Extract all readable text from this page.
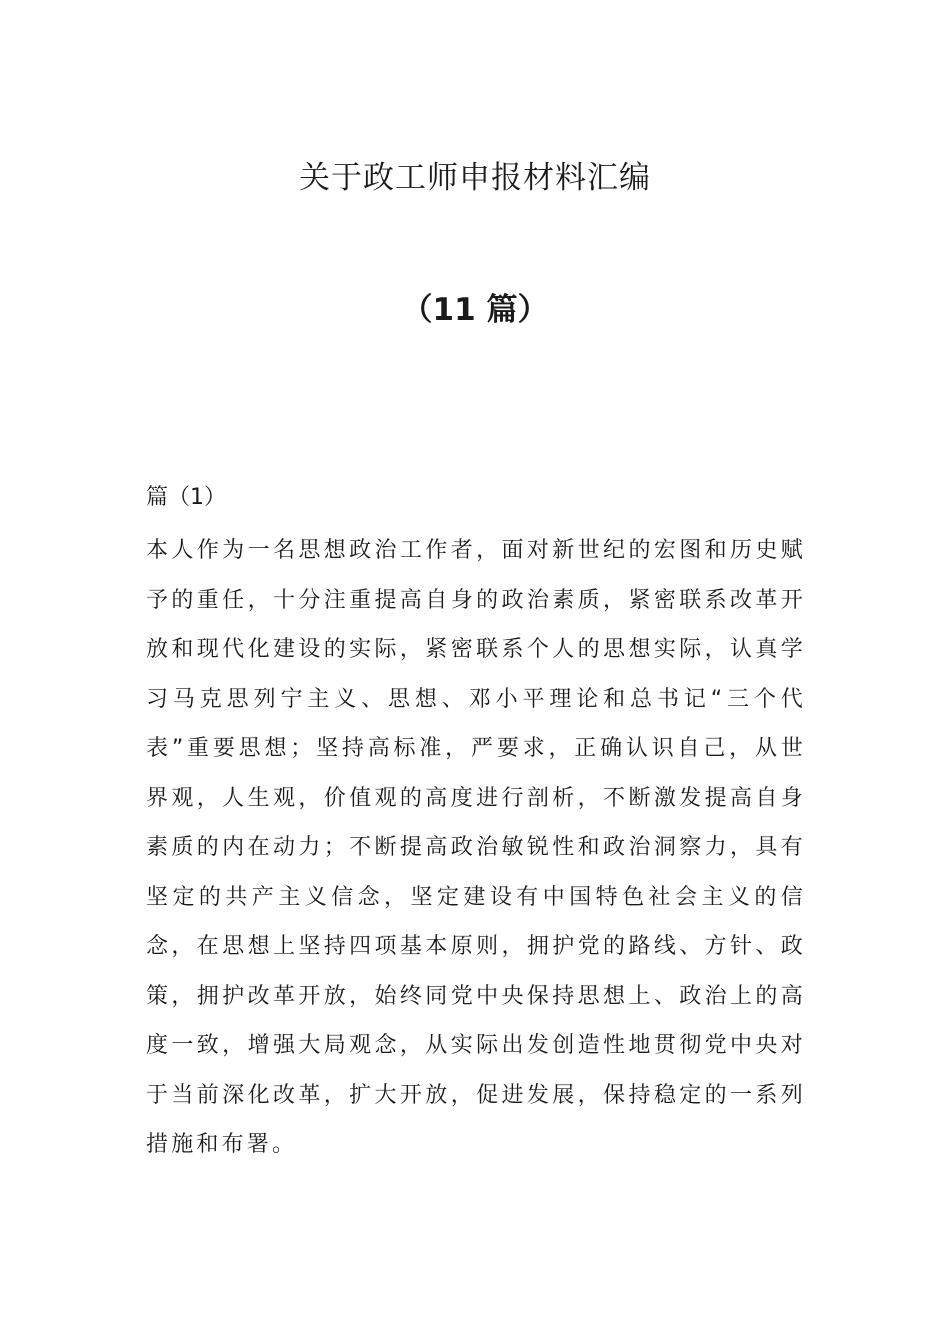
关于政工师申报材料汇编
（11 篇）

篇（1）

本人作为一名思想政治工作者，面对新世纪的宏图和历史赋予的重任，十分注重提高自身的政治素质，紧密联系改革开放和现代化建设的实际，紧密联系个人的思想实际，认真学习马克思列宁主义、思想、邓小平理论和总书记“三个代表”重要思想；坚持高标准，严要求，正确认识自己，从世界观，人生观，价值观的高度进行剖析，不断激发提高自身素质的内在动力；不断提高政治敏锐性和政治洞察力，具有坚定的共产主义信念，坚定建设有中国特色社会主义的信念，在思想上坚持四项基本原则，拥护党的路线、方针、政策，拥护改革开放，始终同党中央保持思想上、政治上的高度一致，增强大局观念，从实际出发创造性地贯彻党中央对于当前深化改革，扩大开放，促进发展，保持稳定的一系列措施和布署。
